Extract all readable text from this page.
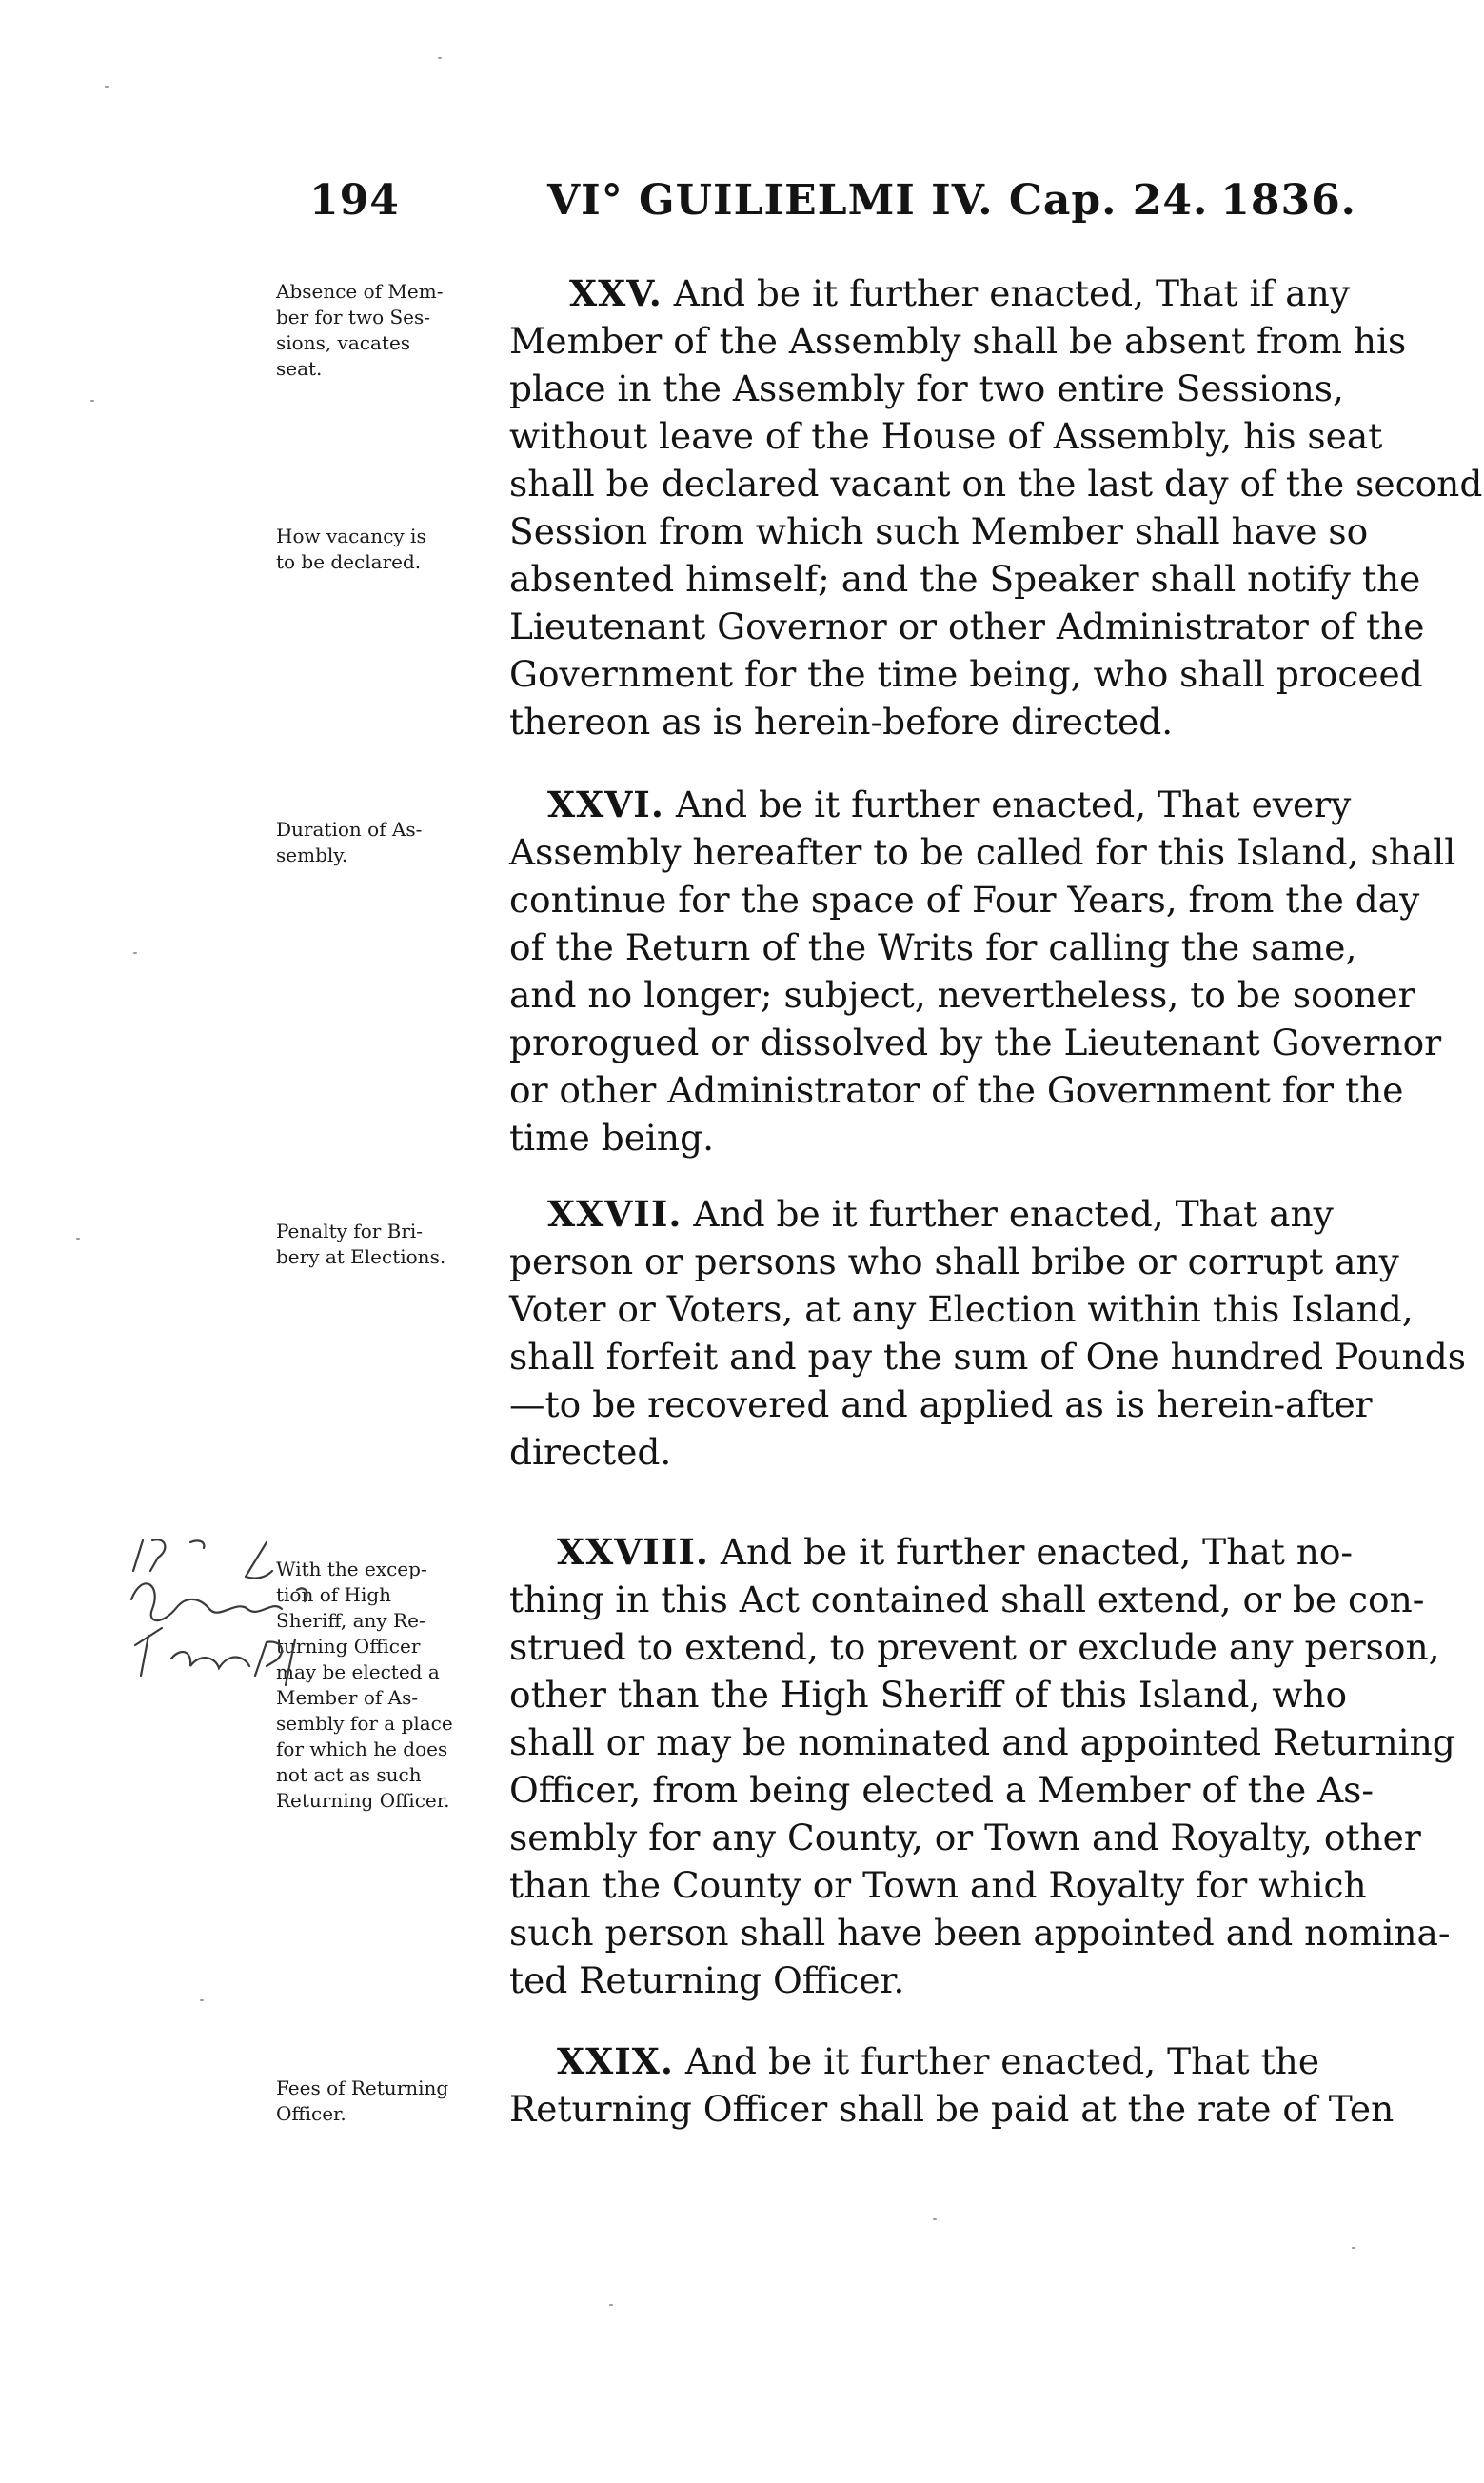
194	VI° GUILIELMI IV. Cap. 24. 1836.
Absence of Mem-
ber for two Ses-
sions, vacates
seat.
How vacancy is
to be declared.
Duration of As-
sembly.
Penalty for Bri-
bery at Elections.
With the excep-
tion of High
Sheriff, any Re-
turning Officer
may be elected a
Member of As-
sembly for a place
for which he does
not act as such
Returning Officer.
Fees of Returning
Officer.
XXV. And be it further enacted, That if any
Member of the Assembly shall be absent from his
place in the Assembly for two entire Sessions,
without leave of the House of Assembly, his seat
shall be declared vacant on the last day of the second
Session from which such Member shall have so
absented himself; and the Speaker shall notify the
Lieutenant Governor or other Administrator of the
Government for the time being, who shall proceed
thereon as is herein-before directed.
XXVI. And be it further enacted, That every
Assembly hereafter to be called for this Island, shall
continue for the space of Four Years, from the day
of the Return of the Writs for calling the same,
and no longer; subject, nevertheless, to be sooner
prorogued or dissolved by the Lieutenant Governor
or other Administrator of the Government for the
time being.
XXVII. And be it further enacted, That any
person or persons who shall bribe or corrupt any
Voter or Voters, at any Election within this Island,
shall forfeit and pay the sum of One hundred Pounds
—to be recovered and applied as is herein-after
directed.
XXVIII. And be it further enacted, That no-
thing in this Act contained shall extend, or be con-
strued to extend, to prevent or exclude any person,
other than the High Sheriff of this Island, who
shall or may be nominated and appointed Returning
Officer, from being elected a Member of the As-
sembly for any County, or Town and Royalty, other
than the County or Town and Royalty for which
such person shall have been appointed and nomina-
ted Returning Officer.
XXIX. And be it further enacted, That the
Returning Officer shall be paid at the rate of Ten
